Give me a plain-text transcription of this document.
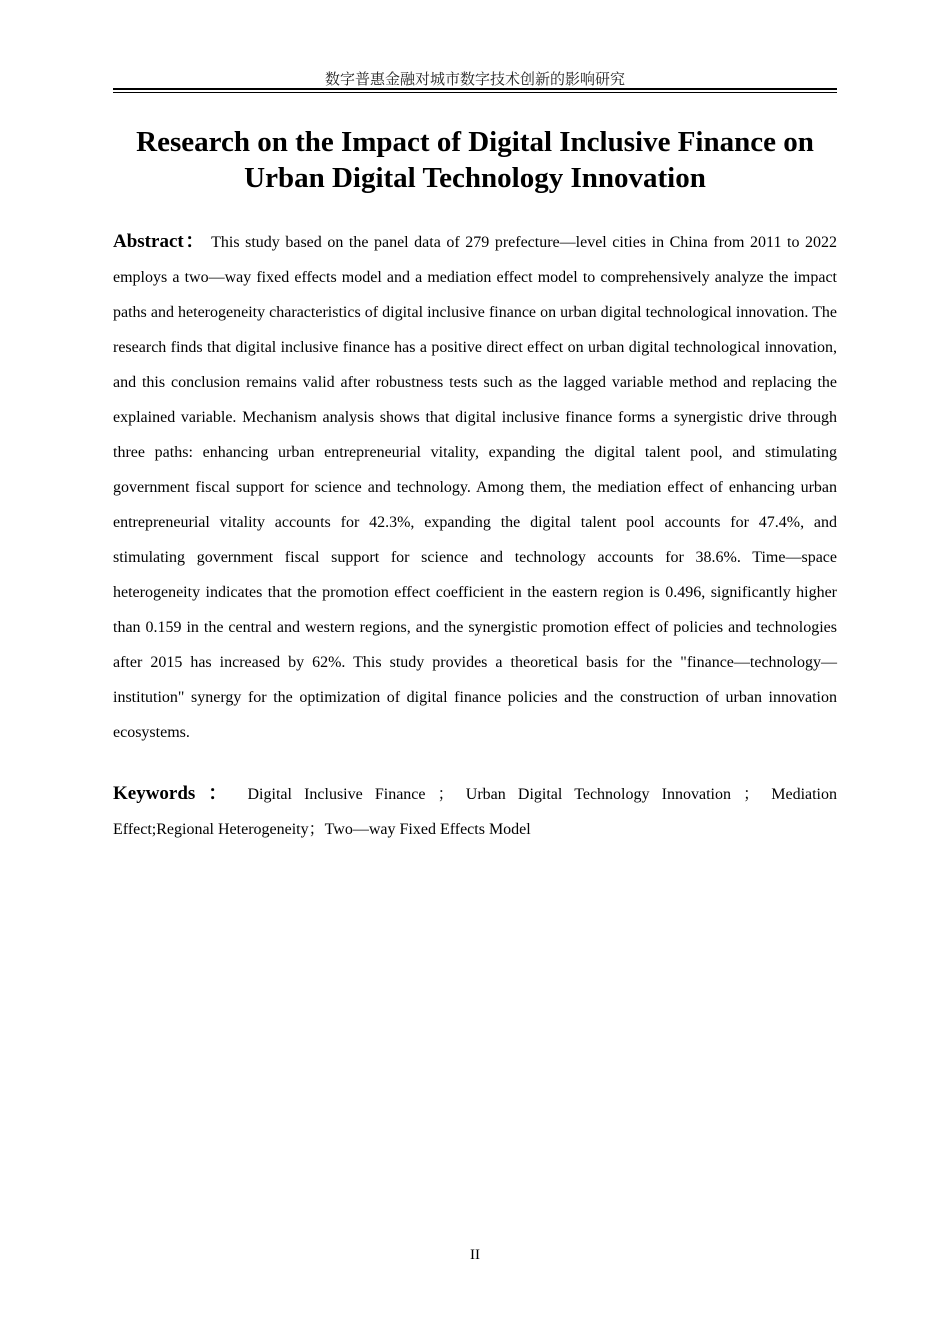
数字普惠金融对城市数字技术创新的影响研究
Research on the Impact of Digital Inclusive Finance on
Urban Digital Technology Innovation

Abstract： This study based on the panel data of 279 prefecture—level cities in China from 2011 to 2022 employs a two—way fixed effects model and a mediation effect model to comprehensively analyze the impact paths and heterogeneity characteristics of digital inclusive finance on urban digital technological innovation. The research finds that digital inclusive finance has a positive direct effect on urban digital technological innovation, and this conclusion remains valid after robustness tests such as the lagged variable method and replacing the explained variable. Mechanism analysis shows that digital inclusive finance forms a synergistic drive through three paths: enhancing urban entrepreneurial vitality, expanding the digital talent pool, and stimulating government fiscal support for science and technology. Among them, the mediation effect of enhancing urban entrepreneurial vitality accounts for 42.3%, expanding the digital talent pool accounts for 47.4%, and stimulating government fiscal support for science and technology accounts for 38.6%. Time—space heterogeneity indicates that the promotion effect coefficient in the eastern region is 0.496, significantly higher than 0.159 in the central and western regions, and the synergistic promotion effect of policies and technologies after 2015 has increased by 62%. This study provides a theoretical basis for the "finance—technology—institution" synergy for the optimization of digital finance policies and the construction of urban innovation ecosystems.

Keywords ： Digital Inclusive Finance ； Urban Digital Technology Innovation ； Mediation Effect;Regional Heterogeneity；Two—way Fixed Effects Model

II
